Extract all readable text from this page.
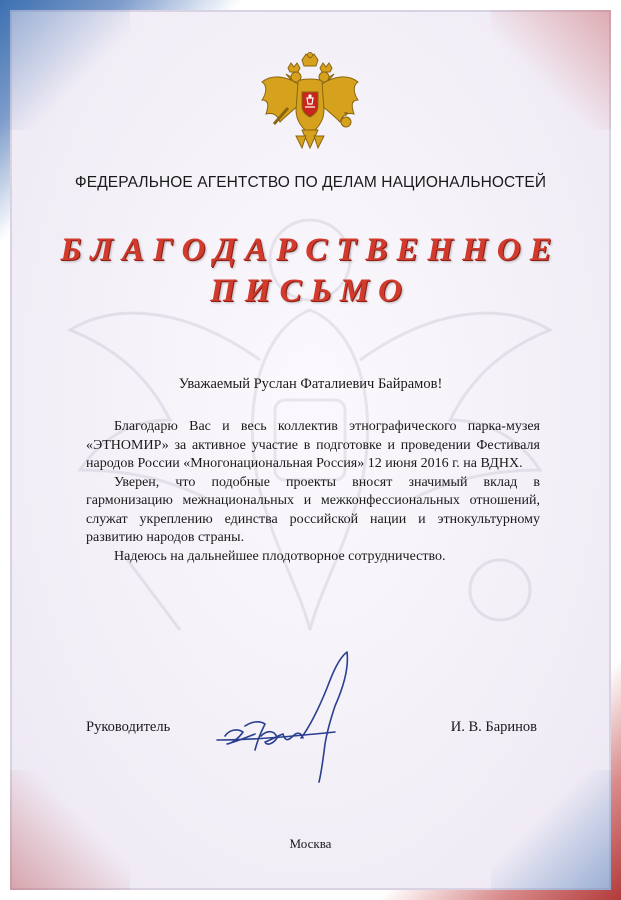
ФЕДЕРАЛЬНОЕ АГЕНТСТВО ПО ДЕЛАМ НАЦИОНАЛЬНОСТЕЙ
БЛАГОДАРСТВЕННОЕ
ПИСЬМО
Уважаемый Руслан Фаталиевич Байрамов!

Благодарю Вас и весь коллектив этнографического парка-музея «ЭТНОМИР» за активное участие в подготовке и проведении Фестиваля народов России «Многонациональная Россия» 12 июня 2016 г. на ВДНХ.

Уверен, что подобные проекты вносят значимый вклад в гармонизацию межнациональных и межконфессиональных отношений, служат укреплению единства российской нации и этнокультурному развитию народов страны.

Надеюсь на дальнейшее плодотворное сотрудничество.

Руководитель	И. В. Баринов
Москва
